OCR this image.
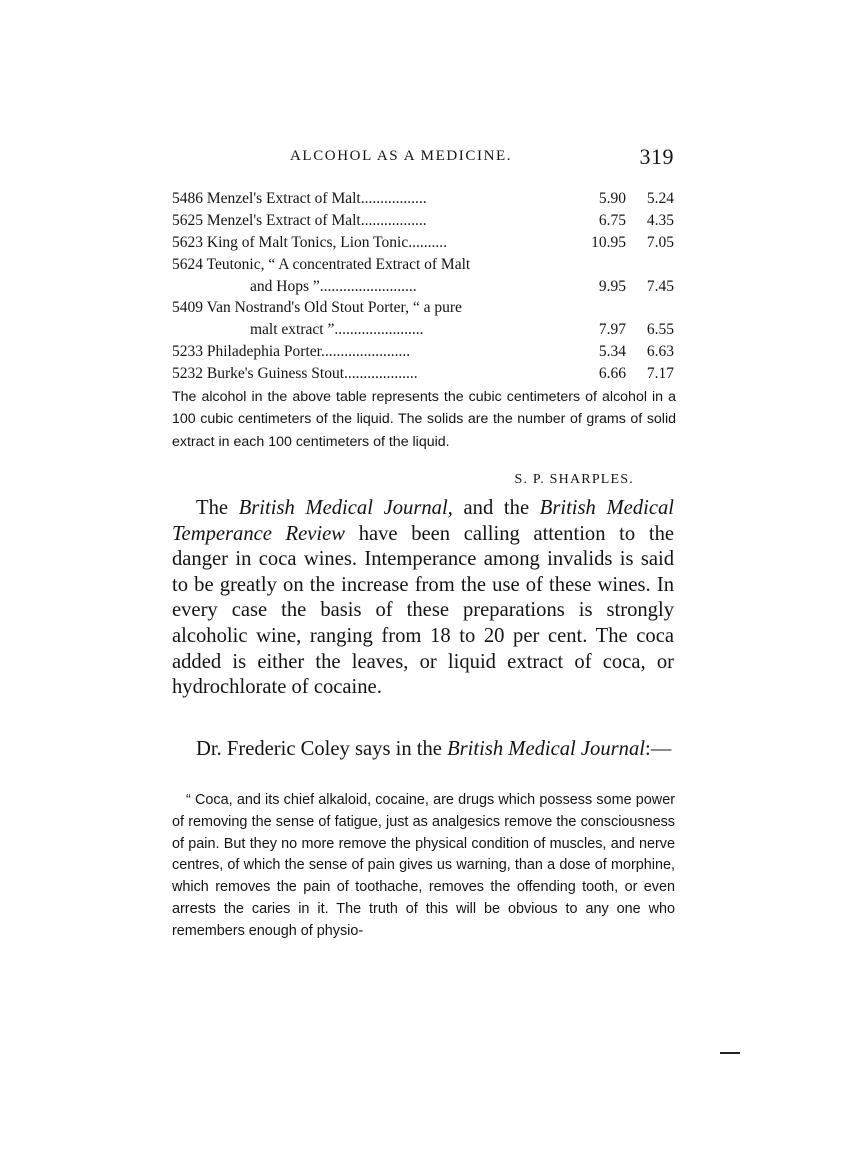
ALCOHOL AS A MEDICINE.	319
5486 Menzel's Extract of Malt.................	5.90	5.24
5625 Menzel's Extract of Malt.................	6.75	4.35
5623 King of Malt Tonics, Lion Tonic..........	10.95	7.05
5624 Teutonic, “ A concentrated Extract of Malt
and Hops ”.........................	9.95	7.45
5409 Van Nostrand's Old Stout Porter, “ a pure
malt extract ”.......................	7.97	6.55
5233 Philadephia Porter.......................	5.34	6.63
5232 Burke's Guiness Stout...................	6.66	7.17

The alcohol in the above table represents the cubic centimeters of alcohol in a 100 cubic centimeters of the liquid. The solids are the number of grams of solid extract in each 100 centimeters of the liquid.

S. P. SHARPLES.

The British Medical Journal, and the British Medical Temperance Review have been calling attention to the danger in coca wines. Intemperance among invalids is said to be greatly on the increase from the use of these wines. In every case the basis of these preparations is strongly alcoholic wine, ranging from 18 to 20 per cent. The coca added is either the leaves, or liquid extract of coca, or hydrochlorate of cocaine.

Dr. Frederic Coley says in the British Medical Journal:—

“ Coca, and its chief alkaloid, cocaine, are drugs which possess some power of removing the sense of fatigue, just as analgesics remove the consciousness of pain. But they no more remove the physical condition of muscles, and nerve centres, of which the sense of pain gives us warning, than a dose of morphine, which removes the pain of toothache, removes the offending tooth, or even arrests the caries in it. The truth of this will be obvious to any one who remembers enough of physio-
